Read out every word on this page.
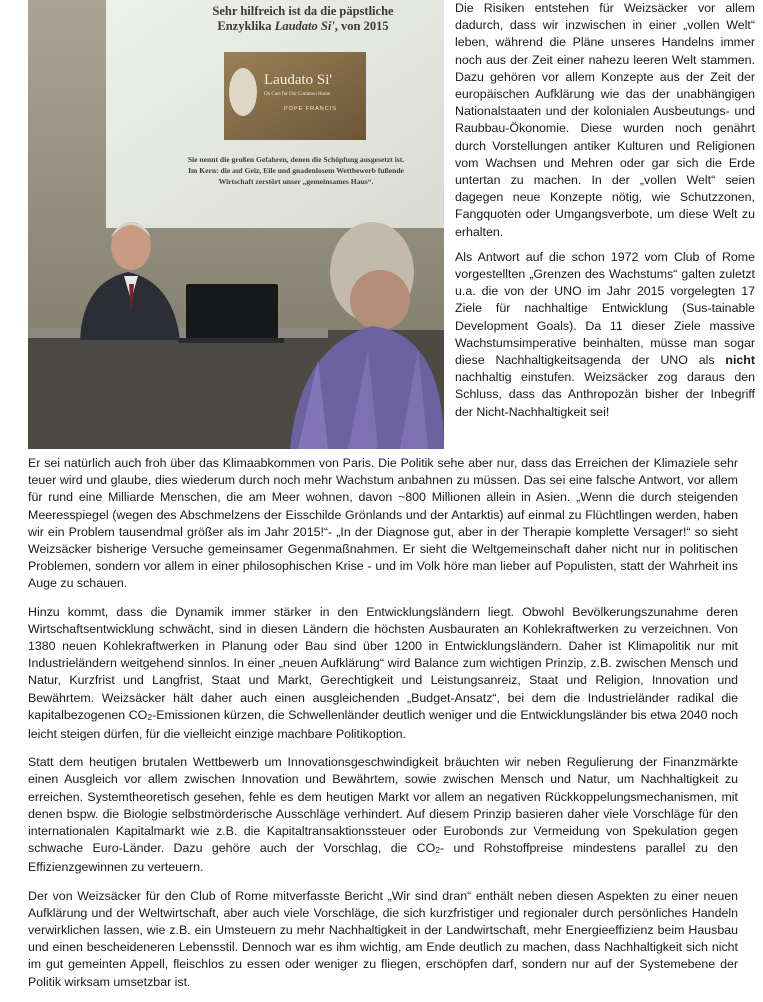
Sehr hilfreich ist da die päpstliche
Enzyklika Laudato Si', von 2015
Laudato Si'
On Care for Our Common Home
POPE FRANCIS
Sie nennt die großen Gefahren, denen die Schöpfung ausgesetzt ist.
Im Kern: die auf Geiz, Eile und gnadenlosem Wettbewerb fußende
Wirtschaft zerstört unser „gemeinsames Haus“.

Die Risiken entstehen für Weizsäcker vor allem dadurch, dass wir inzwischen in einer „vollen Welt“ leben, während die Pläne unseres Handelns immer noch aus der Zeit einer nahezu leeren Welt stammen. Dazu gehören vor allem Konzepte aus der Zeit der europäischen Aufklärung wie das der unabhängigen Nationalstaaten und der kolonialen Ausbeutungs- und Raubbau-Ökonomie. Diese wurden noch genährt durch Vorstellungen antiker Kulturen und Religionen vom Wachsen und Mehren oder gar sich die Erde untertan zu machen. In der „vollen Welt“ seien dagegen neue Konzepte nötig, wie Schutzzonen, Fangquoten oder Umgangsverbote, um diese Welt zu erhalten.

Als Antwort auf die schon 1972 vom Club of Rome vorgestellten „Grenzen des Wachstums“ galten zuletzt u.a. die von der UNO im Jahr 2015 vorgelegten 17 Ziele für nachhaltige Entwicklung (Sus-tainable Development Goals). Da 11 dieser Ziele massive Wachstumsimperative beinhalten, müsse man sogar diese Nachhaltigkeitsagenda der UNO als nicht nachhaltig einstufen. Weizsäcker zog daraus den Schluss, dass das Anthropozän bisher der Inbegriff der Nicht-Nachhaltigkeit sei!

Er sei natürlich auch froh über das Klimaabkommen von Paris. Die Politik sehe aber nur, dass das Erreichen der Klimaziele sehr teuer wird und glaube, dies wiederum durch noch mehr Wachstum anbahnen zu müssen. Das sei eine falsche Antwort, vor allem für rund eine Milliarde Menschen, die am Meer wohnen, davon ~800 Millionen allein in Asien. „Wenn die durch steigenden Meeresspiegel (wegen des Abschmelzens der Eisschilde Grönlands und der Antarktis) auf einmal zu Flüchtlingen werden, haben wir ein Problem tausendmal größer als im Jahr 2015!“- „In der Diagnose gut, aber in der Therapie komplette Versager!“ so sieht Weizsäcker bisherige Versuche gemeinsamer Gegenmaßnahmen. Er sieht die Weltgemeinschaft daher nicht nur in politischen Problemen, sondern vor allem in einer philosophischen Krise - und im Volk höre man lieber auf Populisten, statt der Wahrheit ins Auge zu schauen.

Hinzu kommt, dass die Dynamik immer stärker in den Entwicklungsländern liegt. Obwohl Bevölkerungszunahme deren Wirtschaftsentwicklung schwächt, sind in diesen Ländern die höchsten Ausbauraten an Kohlekraftwerken zu verzeichnen. Von 1380 neuen Kohlekraftwerken in Planung oder Bau sind über 1200 in Entwicklungsländern. Daher ist Klimapolitik nur mit Industrieländern weitgehend sinnlos. In einer „neuen Aufklärung“ wird Balance zum wichtigen Prinzip, z.B. zwischen Mensch und Natur, Kurzfrist und Langfrist, Staat und Markt, Gerechtigkeit und Leistungsanreiz, Staat und Religion, Innovation und Bewährtem. Weizsäcker hält daher auch einen ausgleichenden „Budget-Ansatz“, bei dem die Industrieländer radikal die kapitalbezogenen CO2-Emissionen kürzen, die Schwellenländer deutlich weniger und die Entwicklungsländer bis etwa 2040 noch leicht steigen dürfen, für die vielleicht einzige machbare Politikoption.

Statt dem heutigen brutalen Wettbewerb um Innovationsgeschwindigkeit bräuchten wir neben Regulierung der Finanzmärkte einen Ausgleich vor allem zwischen Innovation und Bewährtem, sowie zwischen Mensch und Natur, um Nachhaltigkeit zu erreichen. Systemtheoretisch gesehen, fehle es dem heutigen Markt vor allem an negativen Rückkoppelungsmechanismen, mit denen bspw. die Biologie selbstmörderische Ausschläge verhindert. Auf diesem Prinzip basieren daher viele Vorschläge für den internationalen Kapitalmarkt wie z.B. die Kapitaltransaktionssteuer oder Eurobonds zur Vermeidung von Spekulation gegen schwache Euro-Länder. Dazu gehöre auch der Vorschlag, die CO2- und Rohstoffpreise mindestens parallel zu den Effizienzgewinnen zu verteuern.

Der von Weizsäcker für den Club of Rome mitverfasste Bericht „Wir sind dran“ enthält neben diesen Aspekten zu einer neuen Aufklärung und der Weltwirtschaft, aber auch viele Vorschläge, die sich kurzfristiger und regionaler durch persönliches Handeln verwirklichen lassen, wie z.B. ein Umsteuern zu mehr Nachhaltigkeit in der Landwirtschaft, mehr Energieeffizienz beim Hausbau und einen bescheideneren Lebensstil. Dennoch war es ihm wichtig, am Ende deutlich zu machen, dass Nachhaltigkeit sich nicht im gut gemeinten Appell, fleischlos zu essen oder weniger zu fliegen, erschöpfen darf, sondern nur auf der Systemebene der Politik wirksam umsetzbar ist.
